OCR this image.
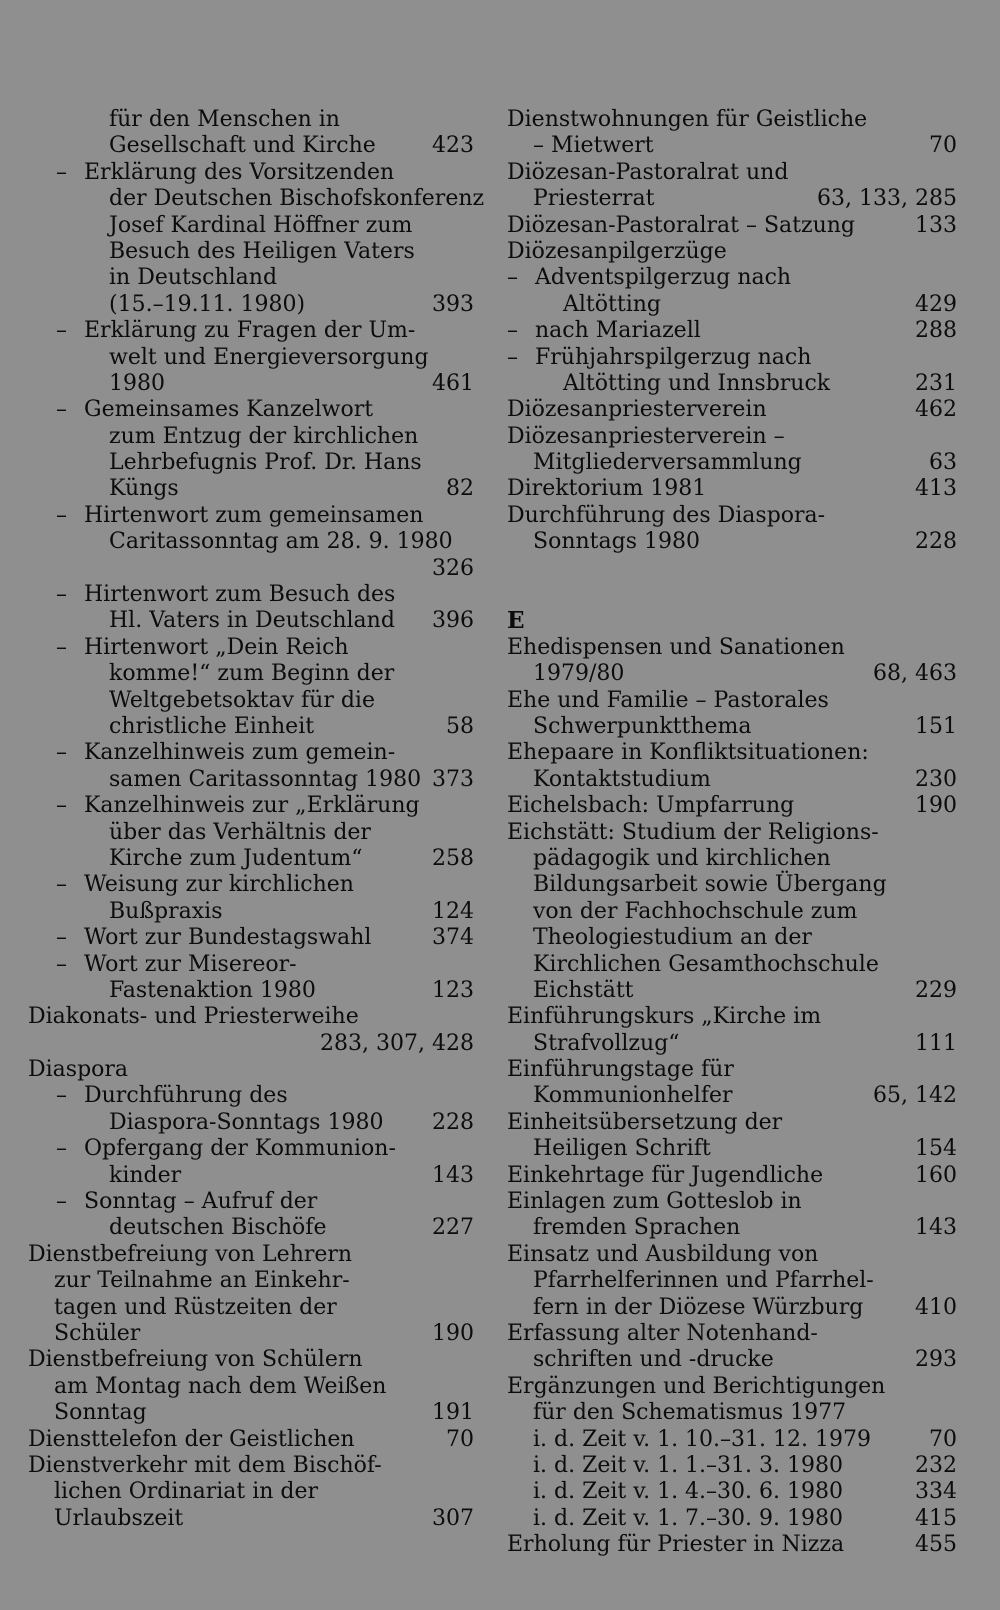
für den Menschen in
Gesellschaft und Kirche	423
– Erklärung des Vorsitzenden
der Deutschen Bischofskonferenz
Josef Kardinal Höffner zum
Besuch des Heiligen Vaters
in Deutschland
(15.–19.11. 1980)	393
– Erklärung zu Fragen der Um-
welt und Energieversorgung
1980	461
– Gemeinsames Kanzelwort
zum Entzug der kirchlichen
Lehrbefugnis Prof. Dr. Hans
Küngs	82
– Hirtenwort zum gemeinsamen
Caritassonntag am 28. 9. 1980
326
– Hirtenwort zum Besuch des
Hl. Vaters in Deutschland	396
– Hirtenwort „Dein Reich
komme!“ zum Beginn der
Weltgebetsoktav für die
christliche Einheit	58
– Kanzelhinweis zum gemein-
samen Caritassonntag 1980 373
– Kanzelhinweis zur „Erklärung
über das Verhältnis der
Kirche zum Judentum“	258
– Weisung zur kirchlichen
Bußpraxis	124
– Wort zur Bundestagswahl	374
– Wort zur Misereor-
Fastenaktion 1980	123
Diakonats- und Priesterweihe
283, 307, 428
Diaspora
– Durchführung des
Diaspora-Sonntags 1980	228
– Opfergang der Kommunion-
kinder	143
– Sonntag – Aufruf der
deutschen Bischöfe	227
Dienstbefreiung von Lehrern
zur Teilnahme an Einkehr-
tagen und Rüstzeiten der
Schüler	190
Dienstbefreiung von Schülern
am Montag nach dem Weißen
Sonntag	191
Diensttelefon der Geistlichen	70
Dienstverkehr mit dem Bischöf-
lichen Ordinariat in der
Urlaubszeit	307
Dienstwohnungen für Geistliche
– Mietwert	70
Diözesan-Pastoralrat und
Priesterrat	63, 133, 285
Diözesan-Pastoralrat – Satzung	133
Diözesanpilgerzüge
– Adventspilgerzug nach
Altötting	429
– nach Mariazell	288
– Frühjahrspilgerzug nach
Altötting und Innsbruck	231
Diözesanpriesterverein	462
Diözesanpriesterverein –
Mitgliederversammlung	63
Direktorium 1981	413
Durchführung des Diaspora-
Sonntags 1980	228
E
Ehedispensen und Sanationen
1979/80	68, 463
Ehe und Familie – Pastorales
Schwerpunktthema	151
Ehepaare in Konfliktsituationen:
Kontaktstudium	230
Eichelsbach: Umpfarrung	190
Eichstätt: Studium der Religions-
pädagogik und kirchlichen
Bildungsarbeit sowie Übergang
von der Fachhochschule zum
Theologiestudium an der
Kirchlichen Gesamthochschule
Eichstätt	229
Einführungskurs „Kirche im
Strafvollzug“	111
Einführungstage für
Kommunionhelfer	65, 142
Einheitsübersetzung der
Heiligen Schrift	154
Einkehrtage für Jugendliche	160
Einlagen zum Gotteslob in
fremden Sprachen	143
Einsatz und Ausbildung von
Pfarrhelferinnen und Pfarrhel-
fern in der Diözese Würzburg	410
Erfassung alter Notenhand-
schriften und -drucke	293
Ergänzungen und Berichtigungen
für den Schematismus 1977
i. d. Zeit v. 1. 10.–31. 12. 1979	70
i. d. Zeit v. 1. 1.–31. 3. 1980	232
i. d. Zeit v. 1. 4.–30. 6. 1980	334
i. d. Zeit v. 1. 7.–30. 9. 1980	415
Erholung für Priester in Nizza	455
